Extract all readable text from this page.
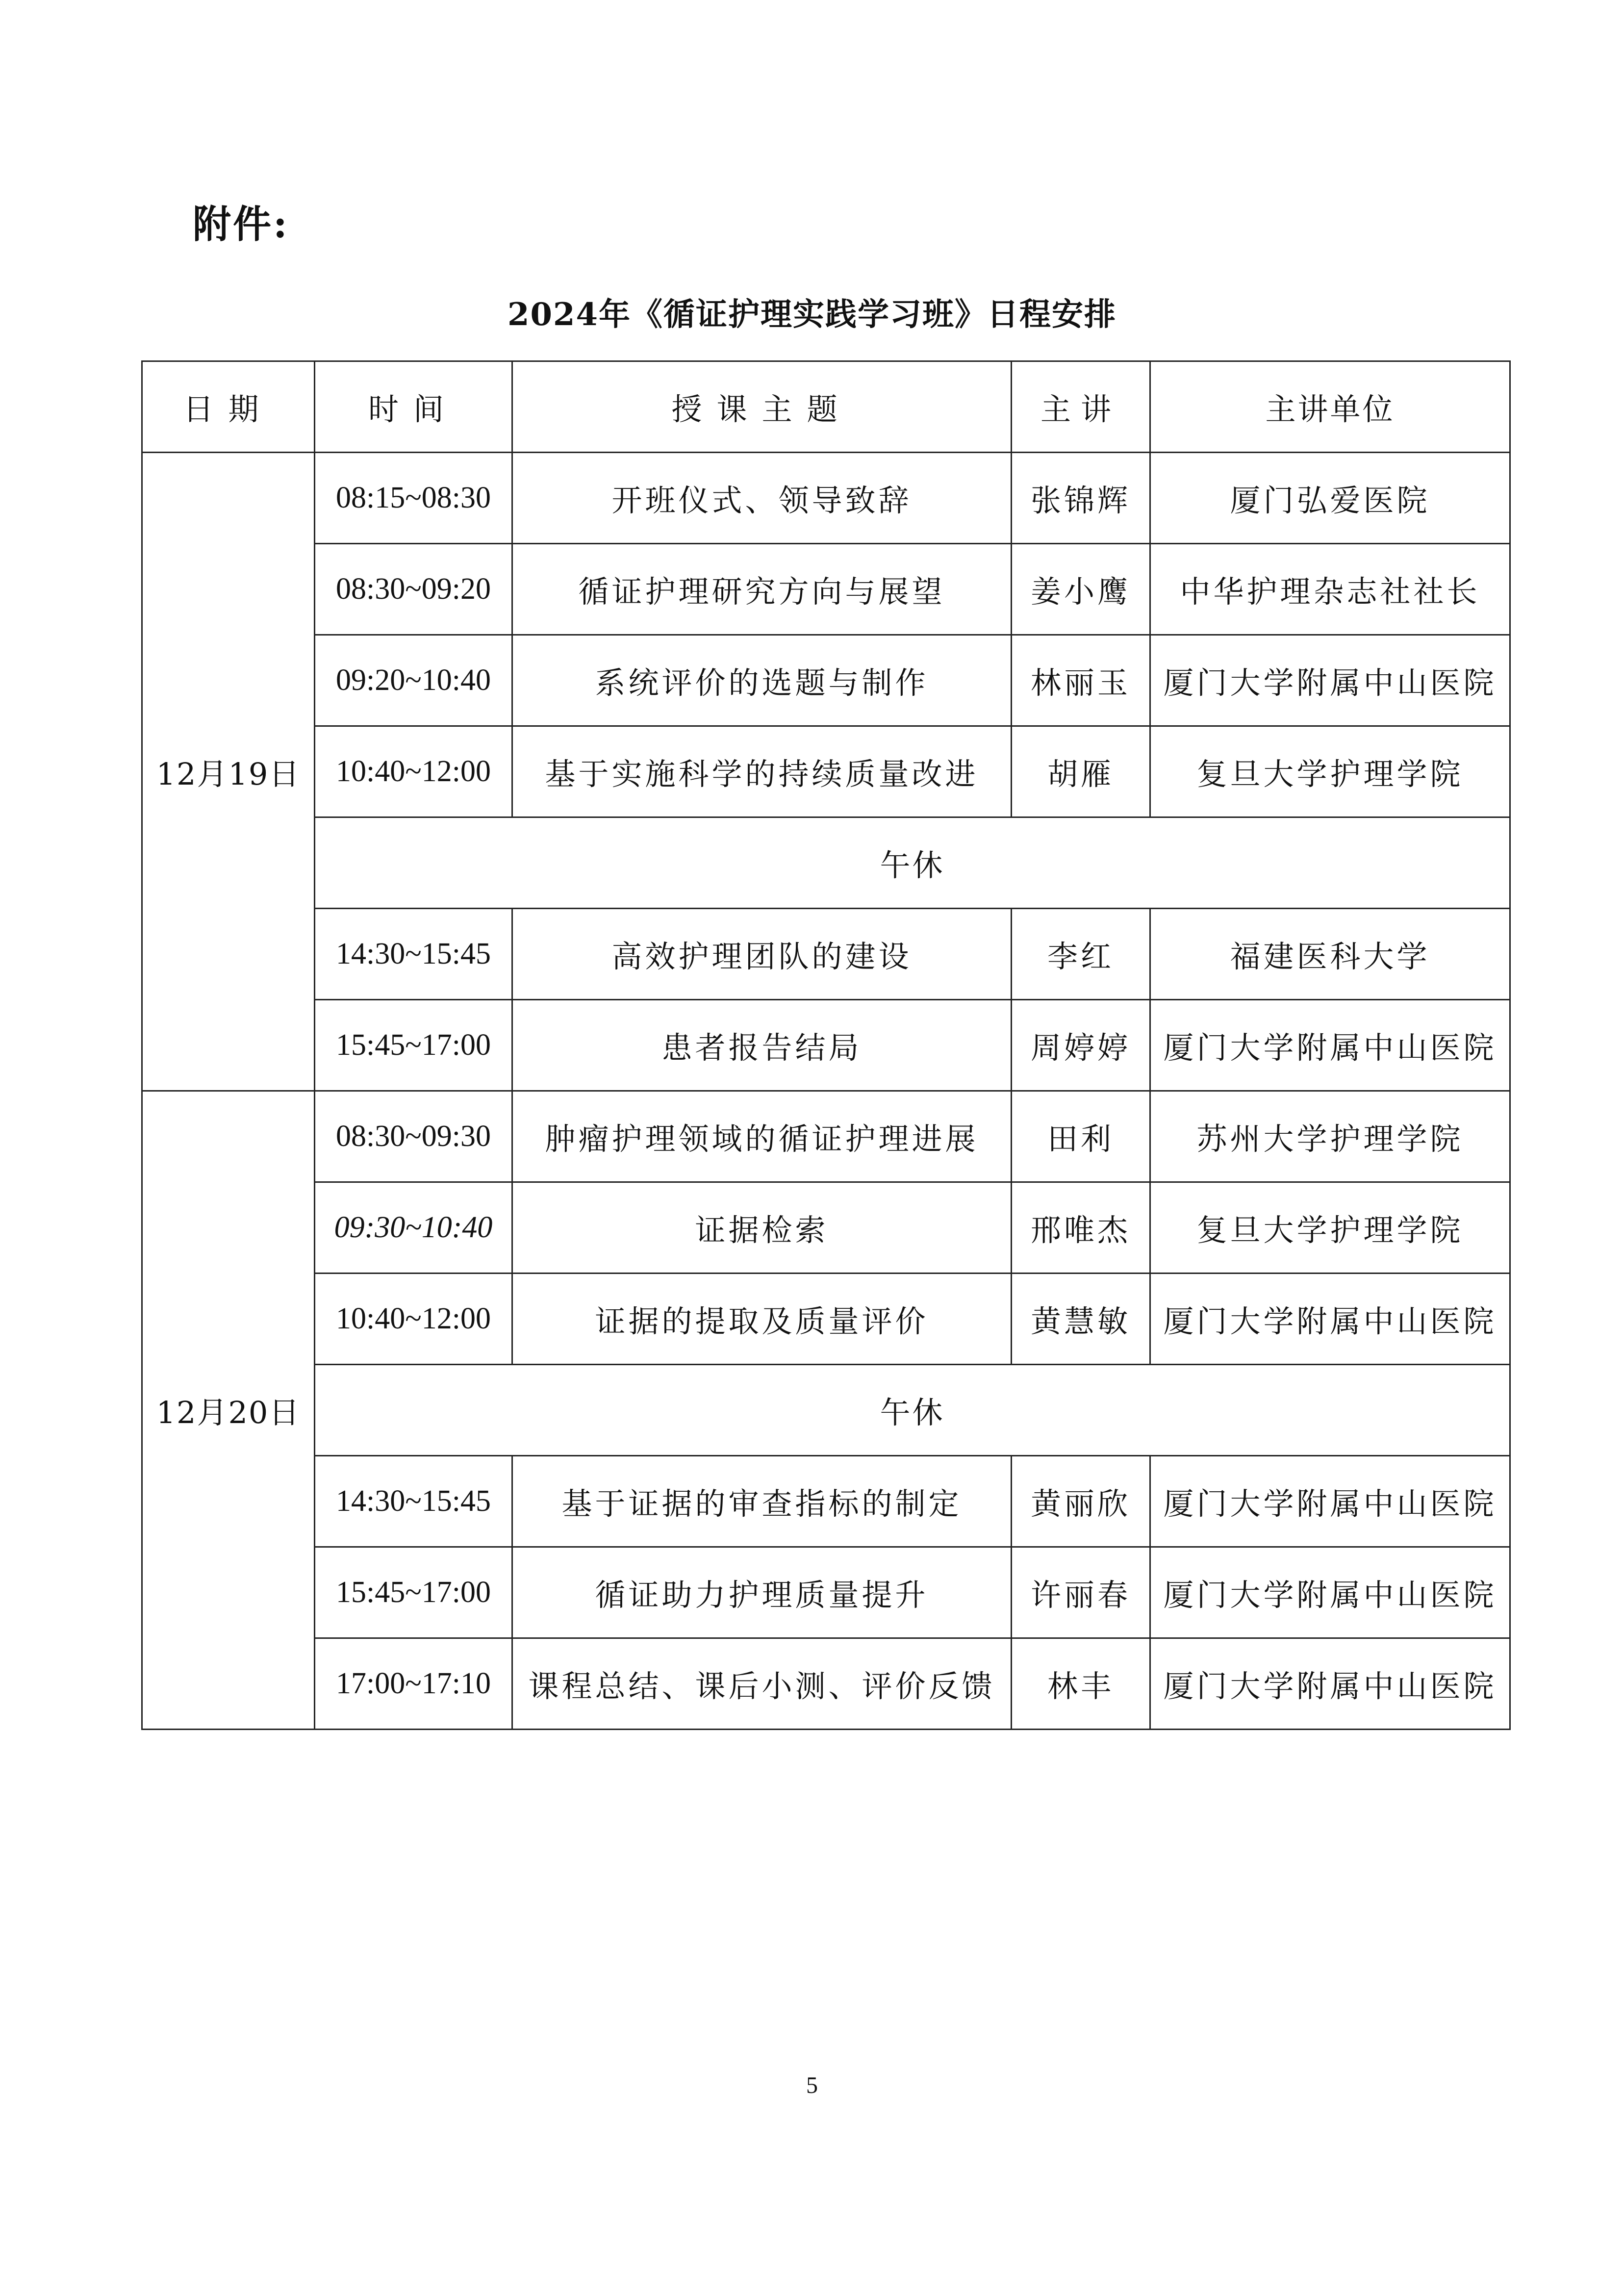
附件:
2024年《循证护理实践学习班》日程安排
日期	时间	授课主题	主讲	主讲单位
12月19日	08:15~08:30	开班仪式、领导致辞	张锦辉	厦门弘爱医院
	08:30~09:20	循证护理研究方向与展望	姜小鹰	中华护理杂志社社长
	09:20~10:40	系统评价的选题与制作	林丽玉	厦门大学附属中山医院
	10:40~12:00	基于实施科学的持续质量改进	胡雁	复旦大学护理学院
	午休			
	14:30~15:45	高效护理团队的建设	李红	福建医科大学
	15:45~17:00	患者报告结局	周婷婷	厦门大学附属中山医院
12月20日	08:30~09:30	肿瘤护理领域的循证护理进展	田利	苏州大学护理学院
	09:30~10:40	证据检索	邢唯杰	复旦大学护理学院
	10:40~12:00	证据的提取及质量评价	黄慧敏	厦门大学附属中山医院
	午休			
	14:30~15:45	基于证据的审查指标的制定	黄丽欣	厦门大学附属中山医院
	15:45~17:00	循证助力护理质量提升	许丽春	厦门大学附属中山医院
	17:00~17:10	课程总结、课后小测、评价反馈	林丰	厦门大学附属中山医院
5
